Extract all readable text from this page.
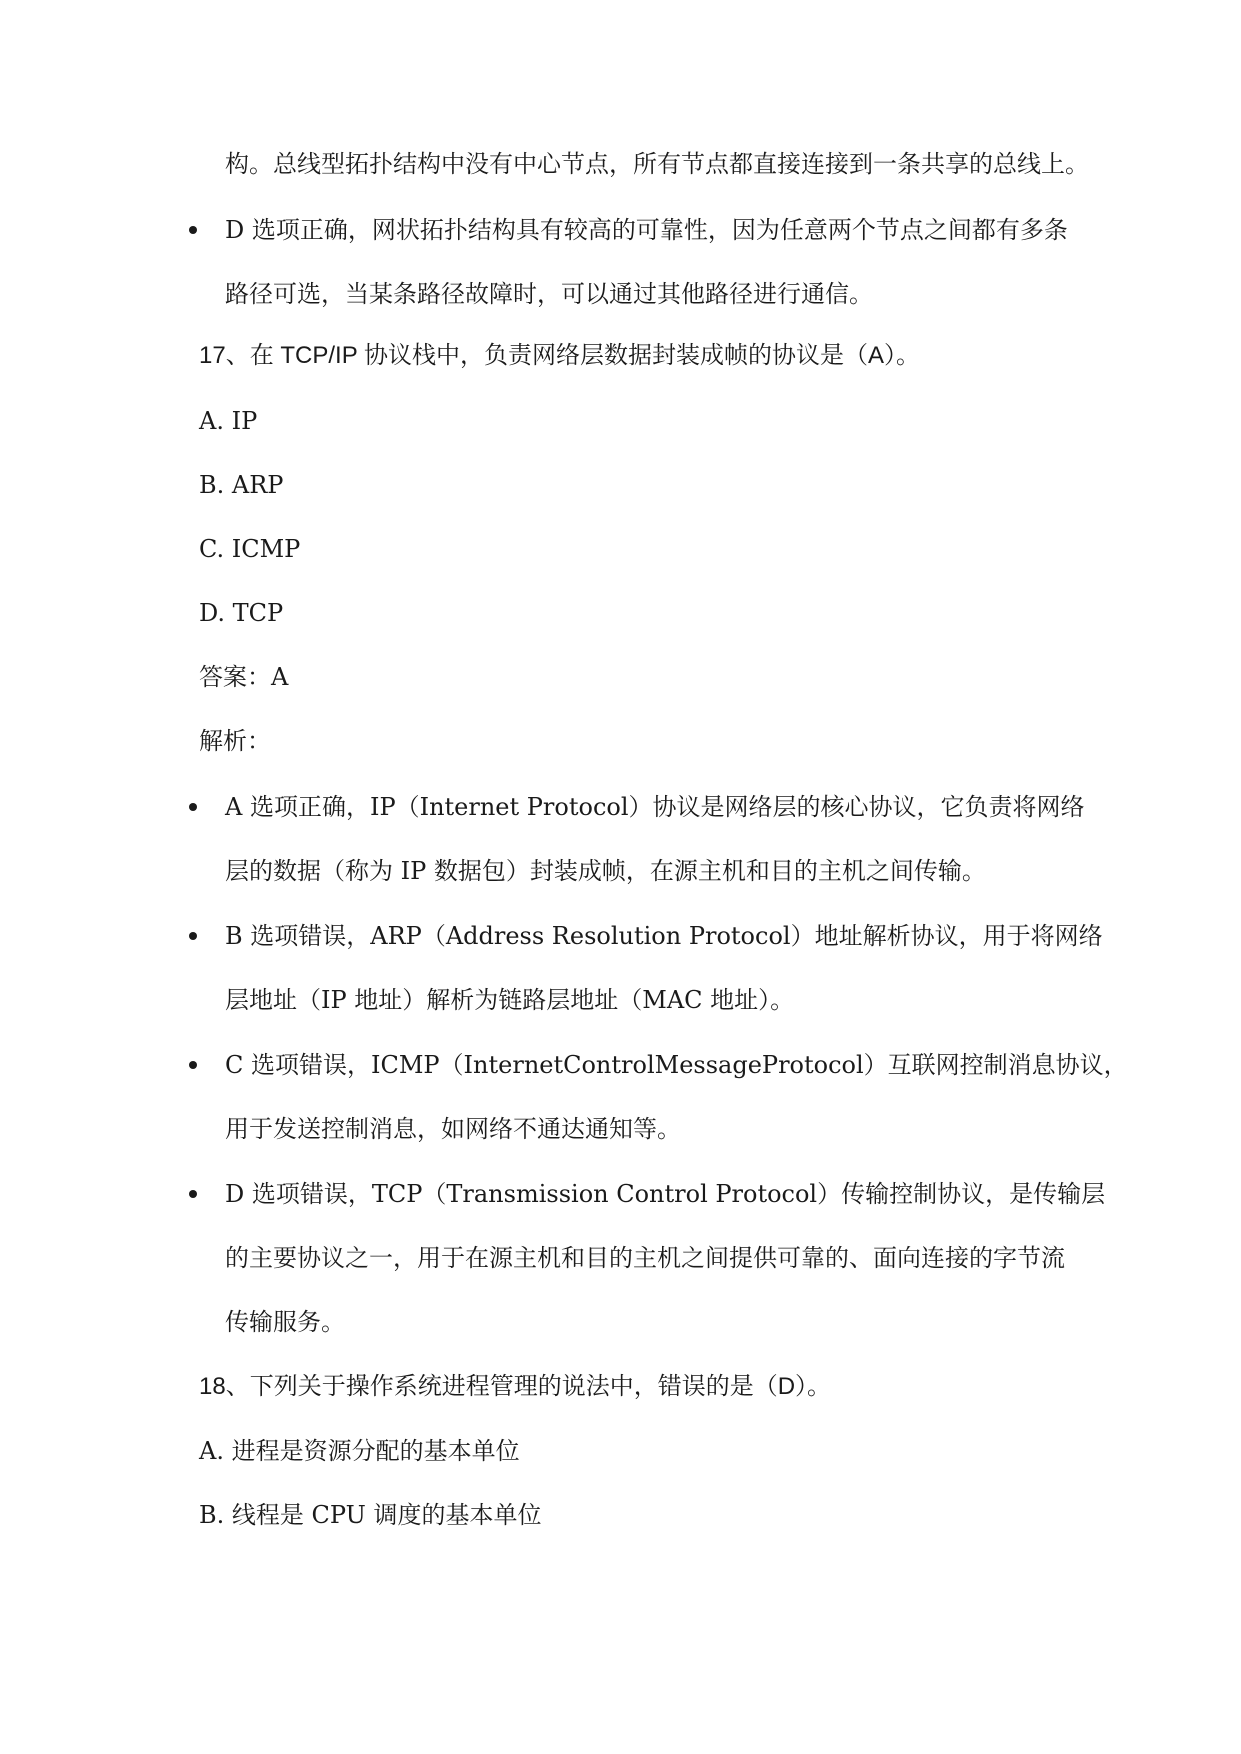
构。总线型拓扑结构中没有中心节点，所有节点都直接连接到一条共享的总线上。
D 选项正确，网状拓扑结构具有较高的可靠性，因为任意两个节点之间都有多条
路径可选，当某条路径故障时，可以通过其他路径进行通信。
17、在 TCP/IP 协议栈中，负责网络层数据封装成帧的协议是（A）。
A. IP
B. ARP
C. ICMP
D. TCP
答案：A
解析：
A 选项正确，IP（Internet Protocol）协议是网络层的核心协议，它负责将网络
层的数据（称为 IP 数据包）封装成帧，在源主机和目的主机之间传输。
B 选项错误，ARP（Address Resolution Protocol）地址解析协议，用于将网络
层地址（IP 地址）解析为链路层地址（MAC 地址）。
C 选项错误，ICMP（InternetControlMessageProtocol）互联网控制消息协议，
用于发送控制消息，如网络不通达通知等。
D 选项错误，TCP（Transmission Control Protocol）传输控制协议，是传输层
的主要协议之一，用于在源主机和目的主机之间提供可靠的、面向连接的字节流
传输服务。
18、下列关于操作系统进程管理的说法中，错误的是（D）。
A. 进程是资源分配的基本单位
B. 线程是 CPU 调度的基本单位
